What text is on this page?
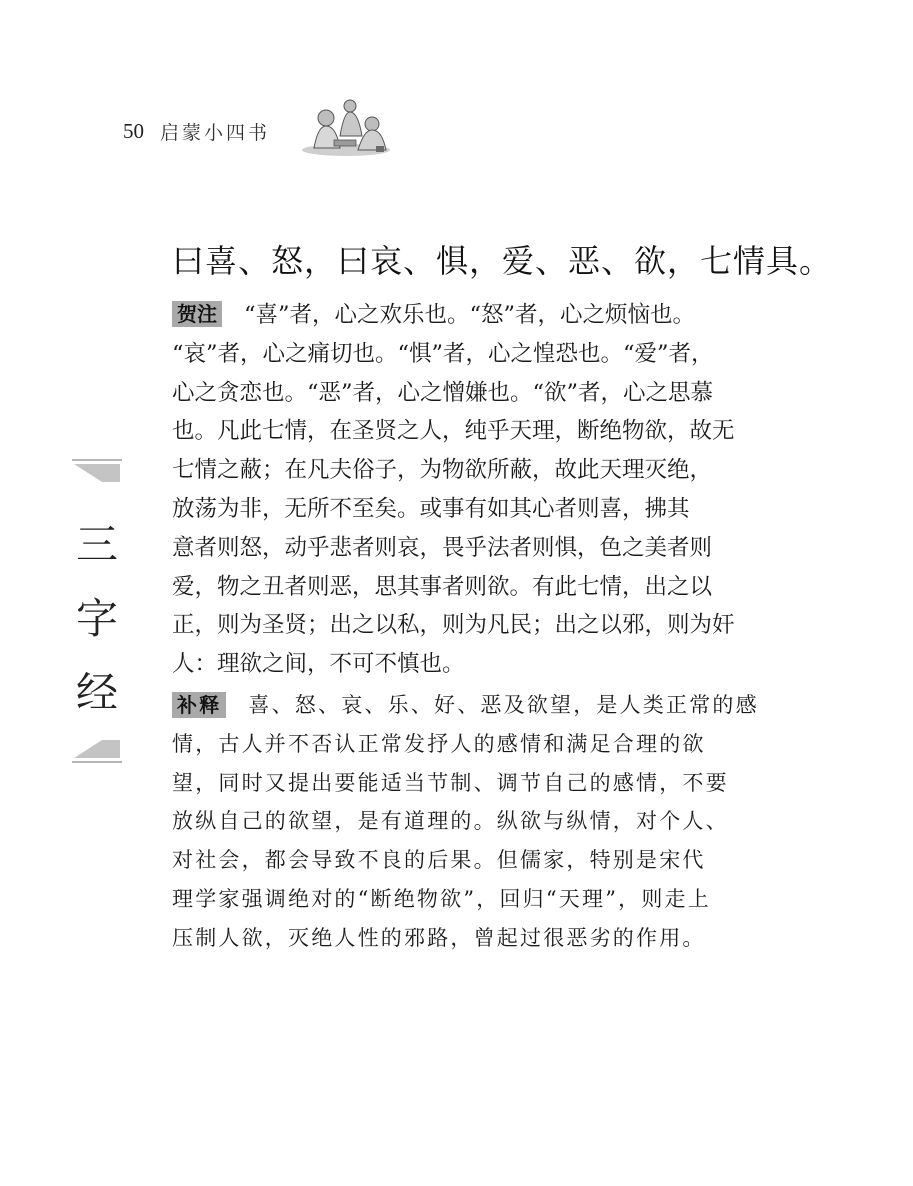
50 启蒙小四书
三
字
经
曰喜、怒，曰哀、惧，爱、恶、欲，七情具。
贺注 “喜”者，心之欢乐也。“怒”者，心之烦恼也。
“哀”者，心之痛切也。“惧”者，心之惶恐也。“爱”者，
心之贪恋也。“恶”者，心之憎嫌也。“欲”者，心之思慕
也。凡此七情，在圣贤之人，纯乎天理，断绝物欲，故无
七情之蔽；在凡夫俗子，为物欲所蔽，故此天理灭绝，
放荡为非，无所不至矣。或事有如其心者则喜，拂其
意者则怒，动乎悲者则哀，畏乎法者则惧，色之美者则
爱，物之丑者则恶，思其事者则欲。有此七情，出之以
正，则为圣贤；出之以私，则为凡民；出之以邪，则为奸
人：理欲之间，不可不慎也。
补释 喜、怒、哀、乐、好、恶及欲望，是人类正常的感
情，古人并不否认正常发抒人的感情和满足合理的欲
望，同时又提出要能适当节制、调节自己的感情，不要
放纵自己的欲望，是有道理的。纵欲与纵情，对个人、
对社会，都会导致不良的后果。但儒家，特别是宋代
理学家强调绝对的“断绝物欲”，回归“天理”，则走上
压制人欲，灭绝人性的邪路，曾起过很恶劣的作用。
